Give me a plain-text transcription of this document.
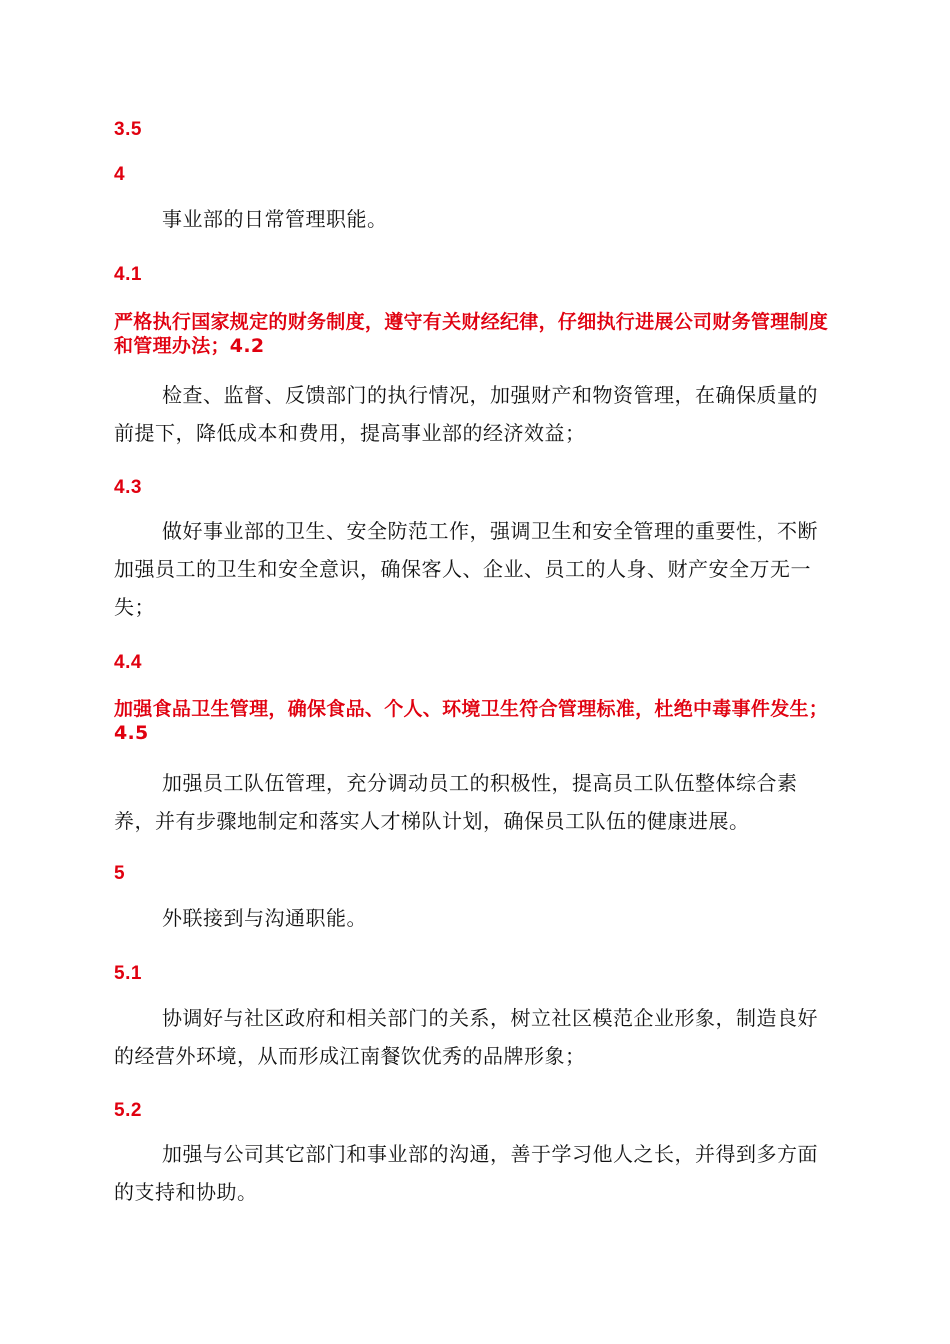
3.5
4
事业部的日常管理职能。
4.1
严格执行国家规定的财务制度，遵守有关财经纪律，仔细执行进展公司财务管理制度和管理办法；4.2
检查、监督、反馈部门的执行情况，加强财产和物资管理，在确保质量的前提下，降低成本和费用，提高事业部的经济效益；
4.3
做好事业部的卫生、安全防范工作，强调卫生和安全管理的重要性，不断加强员工的卫生和安全意识，确保客人、企业、员工的人身、财产安全万无一失；
4.4
加强食品卫生管理，确保食品、个人、环境卫生符合管理标准，杜绝中毒事件发生；4.5
加强员工队伍管理，充分调动员工的积极性，提高员工队伍整体综合素养，并有步骤地制定和落实人才梯队计划，确保员工队伍的健康进展。
5
外联接到与沟通职能。
5.1
协调好与社区政府和相关部门的关系，树立社区模范企业形象，制造良好的经营外环境，从而形成江南餐饮优秀的品牌形象；
5.2
加强与公司其它部门和事业部的沟通，善于学习他人之长，并得到多方面的支持和协助。
